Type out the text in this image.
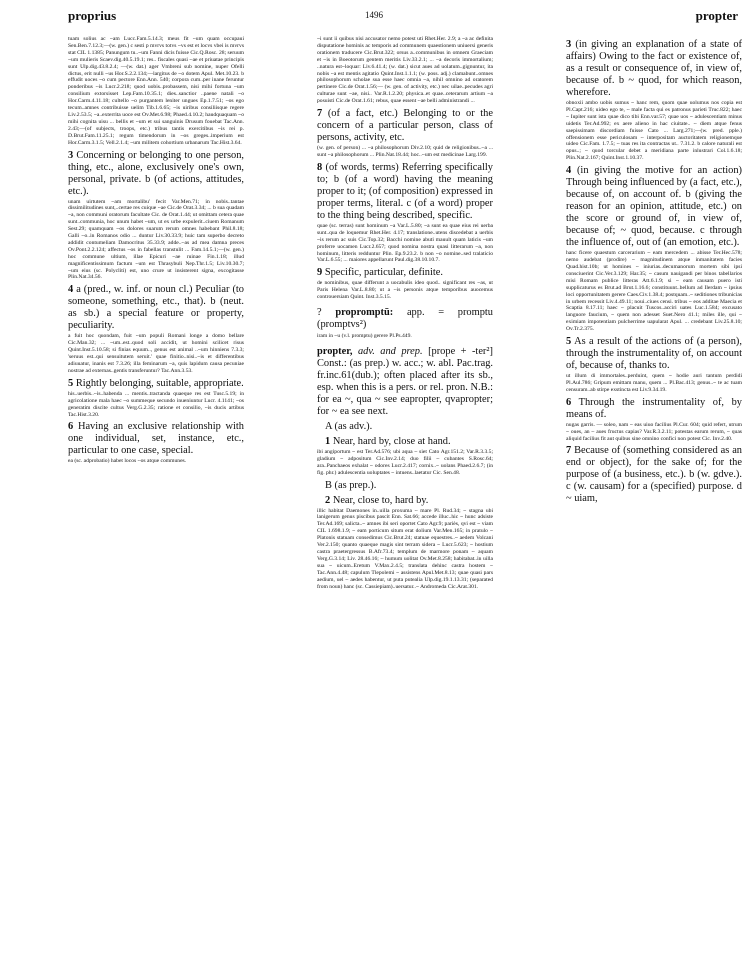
proprius	1496	propter

tuam solius ac ~am Lucc.Fam.5.14.3; meus fit ~um quam occupaui Sen.Ben.7.12.3;—(w. gen.) c sesti p mvrvs totvs ~vs est et locvs vbei is mvrvs stat CIL 1.1385; Panungum tu..~um Fanni dicis fuisse Cic.Q.Rosc. 28; seruum ~um mulieris Scaev.dig.40.5.19.1; res.. fiscales quasi ~ae et priuatae principis sunt Ulp.dig.43.8.2.4; —(w. dat.) ager Vmbreni sub nomine, nuper Ofelli dictus, erit nulli ~us Hor.S.2.2.134;—largitus de ~o dotem Apul. Met.10.23. b effudit uoces ~o cum pectore Enn.Ann. 540; corpora cum..per inane feruntur ponderibus ~is Lucr.2.218; quod uobis..probassem, nisi mihi fortuna ~um consilium extorsisset Lep.Fam.10.35.1; dies..sanctior ..paene natali ~o Hor.Carm.4.11.18; cultello ~o purgantem leniter ungues Ep.1.7.51; ~os ego tecum..amnes contribuisse uelim Tib.1.6.65; ~is uiribus consiliisque regere Liv.2.53.5; ~a..exterrita uoce est Ov.Met.6.98; Phaed.4.10.2; haudquaquam ~o mihi cognita uisu ... bellis et ~um et sui sanguinis Drusum fouebat Tac.Ann. 2.43;—(of subjects, troops, etc.) tribus tantis exercitibus ~is rei p. D.Brut.Fam.11.25.1; regum timendorum in ~os greges..imperium est Hor.Carm.3.1.5; Vell.2.1.4; ~um militem cohortium urbanarum Tac.Hist.3.64.

3 Concerning or belonging to one person, thing, etc., alone, exclusively one's own, personal, private. b (of actions, attitudes, etc.).

unam uirtutem ~am mortalibu' fecit Var.Men.71; in nobis..tantae dissimilitudines sunt,..certae res cuique ~ae Cic.de Orat.3.34; ... b sua quadam ~a, non communi oratorum facultate Cic. de Orat.1.44; ut omittam cetera quae sunt..communia, hoc unum habet ~um, ut ex urbe expulerit..ciuem Romanum Sest.29; quamquam ~os dolores suarum rerum omnes habebant Phil.8.18; Galli ~o..in Romanos odio ... duntur Liv.30.33.9; huic tam superbo decreto addidit contumeliam Damocritus 35.33.9; adde..~as ad mea damna preces Ov.Pont.2.2.124; affectus ~os in fabellas transtulit ... Fam.14.5.1;—(w. gen.) hoc commune ultium, illae Epicuri ~ae ruinae Fin.1.18; illud magnificentissimum factum ~um est Thrasybuli Nep.Thr.1.5; Liv.10.30.7; ~um eius (sc. Polycliti) est, uno crure ut insisterent signa, excogitasse Plin.Nat.34.56.

4 a (pred., w. inf. or noun cl.) Peculiar (to someone, something, etc., that). b (neut. as sb.) a special feature or property, peculiarity.

a fuit hoc quondam, fuit ~um populi Romani longe a domo bellare Cic.Man.32; ... ~um..est..quod soli accidit, ut homini scilicet risus Quint.Inst.5.10.58; si finias equum.., genus est animal ..~um hinniens 7.3.3; 'seruus est..qui sensuitutem seruit.' quae finitio..nisi..~is et differentibus adiuuatur, inanis est 7.3.26; illa feminarum ~a, quis lapidum causa pecuniae nostrae ad externas..gentis transferuntur? Tac.Ann.3.53.

5 Rightly belonging, suitable, appropriate.

his..uerbis..~is..habenda ... mentis..tractanda quaeque res est Tusc.5.19; in agricolatione mala haec ~o summeque secundo inueniuntur Lucr. 4.1141; ~os generatim discite cultus Verg.G.2.35; ratione et consilio, ~is ducis artibus Tac.Hist.3.20.

6 Having an exclusive relationship with one individual, set, instance, etc., particular to one case, special.

ea (sc. adprobatio) habet locos ~os atque communes.

~i sunt ii quibus nisi accusator nemo potest uti Rhet.Her. 2.9; a ~a ac definita disputatione hominis ac temporis ad communem quaestionem uniuersi generis orationem traducere Cic.Brut.322; orsus a..communibus in omnem Graeciam et ~is in Boeotorum gentem meritis Liv.33.2.1; ... ~a decoris immortalium; ..natura est~loquar: Liv.6.41.4; (w. dat.) sicut aues ad uolatum..gignuntur, ita nobis ~a est mentis agitatio Quint.Inst.1.1.1; (w. poss. adj.) clamabunt..omnes philosophorum scholae sua esse haec omnia ~a, nihil omnino ad oratorem pertinere Cic.de Orat.1.56;— (w. gen. of activity, etc.) nec uilae..pecudes agri culturae sunt ~ae, nisi.. Var.R.1.2.20; physica..et quae..ceterarum artium ~a posuisti Cic.de Orat.1.61; rebus, quae essent ~ae belli administrandi ...

7 (of a fact, etc.) Belonging to or the concern of a particular person, class of persons, activity, etc.

(w. gen. of person) ... ~a philosophorum Div.2.10; quid de religionibus..~a ... sunt ~a philosophorum ... Plin.Nat.18.44; hoc..~um est medicinae Larg.199.

8 (of words, terms) Referring specifically to; b (of a word) having the meaning proper to it; (of composition) expressed in proper terms, literal. c (of a word) proper to the thing being described, specific.

quae (sc. terras) sunt hominum ~a Var.L.5.80; ~a sunt ea quae eius rei uerba sunt..qua de loquemur Rhet.Her. 4.17; translatione..utens discedebat a uerbis ~is rerum ac suis Cic.Top.32; Bacchi nomine abuti mauult quam laticis ~um proferre uocamen Lucr.2.657; quod nomina nostra quasi litterarum ~a, non hominum, litteris redduntur Plin. Ep.9.23.2. b non ~o nomine..sed tralaticio Var.L.6.55; ... maiores appellarunt Paul.dig.38.10.10.7.

9 Specific, particular, definite.

de nominibus, quae differunt a uocabulis ideo quod.. significant res ~as, ut Paris Helena Var.L.8.80; ut a ~is personis atque temporibus auocemus controuersiam Quint. Inst.3.5.15.

? propromptū: app. = promptu (promptvs²)

iram in ~u (v.l. promptu) gerere Pl.Ps.449.

propter, adv. and prep. [prope + -ter²] Const.: (as prep.) w. acc.; w. abl. Pac.trag. fr.inc.61(dub.); often placed after its sb., esp. when this is a pers. or rel. pron. N.B.: for ea ~, qua ~ see eapropter, qvapropter; for ~ ea see next.
A (as adv.).
1 Near, hard by, close at hand.

ibi angiportum ~ est Ter.Ad.576; ubi aqua ~ siet Cato Agr.151.2; Var.R.3.3.5; gladium ~ adpositum Cic.Inv.2.14; duo filii ~ cubantes S.Rosc.64; ara..Panchaeos exhalat ~ odores Lucr.2.417; cornix..~ uolans Phaed.2.6.7; (in fig. phr.) adulescentia uoluptates ~ intuens..laetatur Cic. Sen.48.

B (as prep.).
2 Near, close to, hard by.

illic habitat Daemones in..uilla proxuma ~ mare Pl. Rud.34; ~ stagna ubi lanigerum genus piscibus pascit Enn. Sat.66; accede illuc..hic ~ hunc adsiste Ter.Ad.169; salicta..~ amnes ibi seri oportet Cato Agr.9; pariès, qvi est ~ viam CIL 1.698.1.9; ~ eam porticum situm erat dolium Var.Men.165; in pratulo ~ Platonis statuam consedimus Cic.Brut.24; statuae equestres..~ aedem Volcani Ver.2.150; quanto quaeque magis sint terram sidera ~ Lucr.5.623; ~ hostium castra praetergressus B.Afr.73.4; templum de marmore ponam ~ aquam Verg.G.3.14; Liv. 28.46.16; ~ humum uolitat Ov.Met.8.258; habitabat..in uilla sua ~ uicum..Eretum V.Max.2.4.5; translata dehinc castra hostem ~ Tac.Ann.4.48; capulum Tlepolemi ~ assistens Apul.Met.8.13; quae quasi pars aedium, uel ~ aedes habentur, ut puta putealia Ulp.dig.19.1.13.31; (separated from noun) hanc (sc. Cassiepiam)..uersatur..~ Andromeda Cic.Arat.301.

3 (in giving an explanation of a state of affairs) Owing to the fact or existence of, as a result or consequence of, in view of, because of. b ~ quod, for which reason, wherefore.

obnoxii ambo uobis sumus ~ hanc rem, quom quae uolumus nos copia est Pl.Capt.216; uideo ego te, ~ male facta qui es patronus parieti Truc.822; haec ~ Iupiter sunt ista quae dico tibi Enn.var.57; quae uos ~ adulescentiam minus uidetis Ter.Ad.992; ex aere alieno in hac ciuitate.. ~ diem atque fenus saepissimam discordiam fuisse Cato ... Larg.271;—(w. pred. pple.) offensionem esse periculosam ~ interpositam auctoritatem religionemque uideo Cic.Fam. 1.7.5; ~ tuas res ita contractas ut.. 7.31.2. b calore naturali est opus..; ~ quod torcular debet a meridiana parte inlustrari Col.1.6.18; Plin.Nat.2.167; Quint.Inst.1.10.37.

4 (in giving the motive for an action) Through being influenced by (a fact, etc.), because of, on account of. b (giving the reason for an opinion, attitude, etc.) on the score or ground of, in view of, because of; ~ quod, because. c through the influence of, out of (an emotion, etc.).

hanc ficere quaestum carcerarium ~ eam mercedem ... abisse Ter.Hec.578; nemo audebat (prodire) ~ magnitudinem atque inmanitatem facies Quad.hist.10b; ut homines ~ iniurias..decumanorum mortem sibi ipsi consciuerint Cic.Ver.3.129; Har.35; ~ casum nauigandi per binos tabellarios misi Romam publice litteras Att.6.1.9; si ~ eam causam puero isti supplicaturus es Brut.ad Brut.1.16.6; constituunt..bellum ad Ilerdam ~ ipsius loci opportunitatem gerere Caes.Civ.1.38.4; postquam..~ seditiones tribunicias in urbem recessit Liv.4.49.11; noui..ciues censi. tribus ~ eos additae Maecia et Scaptia 8.17.11; haec ~ placuit Tuscos..acciri uates Luc.1.584; excusato languore faucium, ~ quem non adesset Suet.Nero 41.1; miles ille, qui ~ eximiam impotentiam pulcherrime uapularat Apul. ... credebant Liv.25.8.10; Ov.Tr.2.375.

5 As a result of the actions of (a person), through the instrumentality of, on account of, because of, thanks to.

ut illum di immortales..perduint, quem ~ hodie auri tantum perdidi Pl.Aul.786; Gripum emittam manu, quem ... Pl.Bac.413; genus..~ te ac tuam censuram..ab stirpe exstincta est Liv.9.34.19.

6 Through the instrumentality of, by means of.

nugas garris. — soleo, nam ~ eas uiuo facilius Pl.Cur. 604; quid refert, utrum ~ oues, an ~ aues fructus capias? Var.R.3.2.11; potestas earum rerum, ~ quas aliquid facilius fit aut quibus sine omnino confici non potest Cic. Inv.2.40.

7 Because of (something considered as an end or object), for the sake of; for the purpose of (a business, etc.). b (w. gdve.). c (w. causam) for a (specified) purpose. d ~ uiam,
